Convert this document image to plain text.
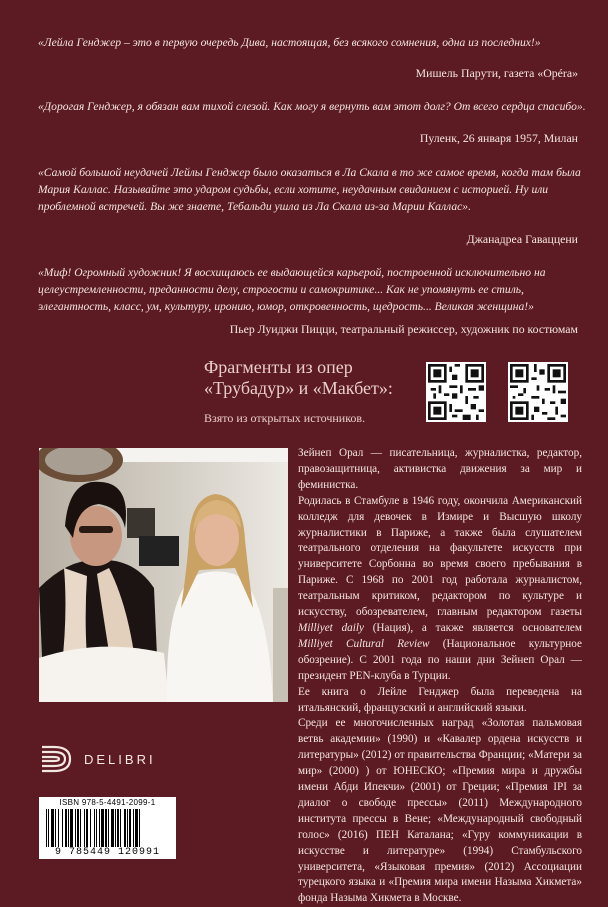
«Лейла Генджер – это в первую очередь Дива, настоящая, без всякого сомнения, одна из последних!»
Мишель Паpути, газета «Opéra»
«Дорогая Генджер, я обязан вам тихой слезой. Как могу я вернуть вам этот долг? От всего сердца спасибо».
Пуленк, 26 января 1957, Милан
«Самой большой неудачей Лейлы Генджер было оказаться в Ла Скала в то же самое время, когда там была Мария Каллас. Называйте это ударом судьбы, если хотите, неудачным свиданием с историей. Ну или проблемной встречей. Вы же знаете, Тебальди ушла из Ла Скала из-за Марии Каллас».
Джанадреа Гаваццени
«Миф! Огромный художник! Я восхищаюсь ее выдающейся карьерой, построенной исключительно на целеустремленности, преданности делу, строгости и самокритике... Как не упомянуть ее стиль, элегантность, класс, ум, культуру, иронию, юмор, откровенность, щедрость... Великая женщина!»
Пьер Луиджи Пицци, театральный режиссер, художник по костюмам
Фрагменты из опер «Трубадур» и «Макбет»:
Взято из открытых источников.

Зейнеп Орал — писательница, журналистка, редактор, правозащитница, активистка движения за мир и феминистка.

Родилась в Стамбуле в 1946 году, окончила Американский колледж для девочек в Измире и Высшую школу журналистики в Париже, а также была слушателем театрального отделения на факультете искусств при университете Сорбонна во время своего пребывания в Париже. С 1968 по 2001 год работала журналистом, театральным критиком, редактором по культуре и искусству, обозревателем, главным редактором газеты Milliyet daily (Нация), а также является основателем Milliyet Cultural Review (Национальное культурное обозрение). С 2001 года по наши дни Зейнеп Орал — президент PEN-клуба в Турции.

Ее книга о Лейле Генджер была переведена на итальянский, французский и английский языки.

Среди ее многочисленных наград «Золотая пальмовая ветвь академии» (1990) и «Кавалер ордена искусств и литературы» (2012) от правительства Франции; «Матери за мир» (2000) ) от ЮНЕСКО; «Премия мира и дружбы имени Абди Ипекчи» (2001) от Греции; «Премия IPI за диалог о свободе прессы» (2011) Международного института прессы в Вене; «Международный свободный голос» (2016) ПЕН Каталана; «Гуру коммуникации в искусстве и литературе» (1994) Стамбульского университета, «Языковая премия» (2012) Ассоциации турецкого языка и «Премия мира имени Назыма Хикмета» фонда Назыма Хикмета в Москве.

DELIBRI
ISBN 978-5-4491-2099-1
9 785449 120991
